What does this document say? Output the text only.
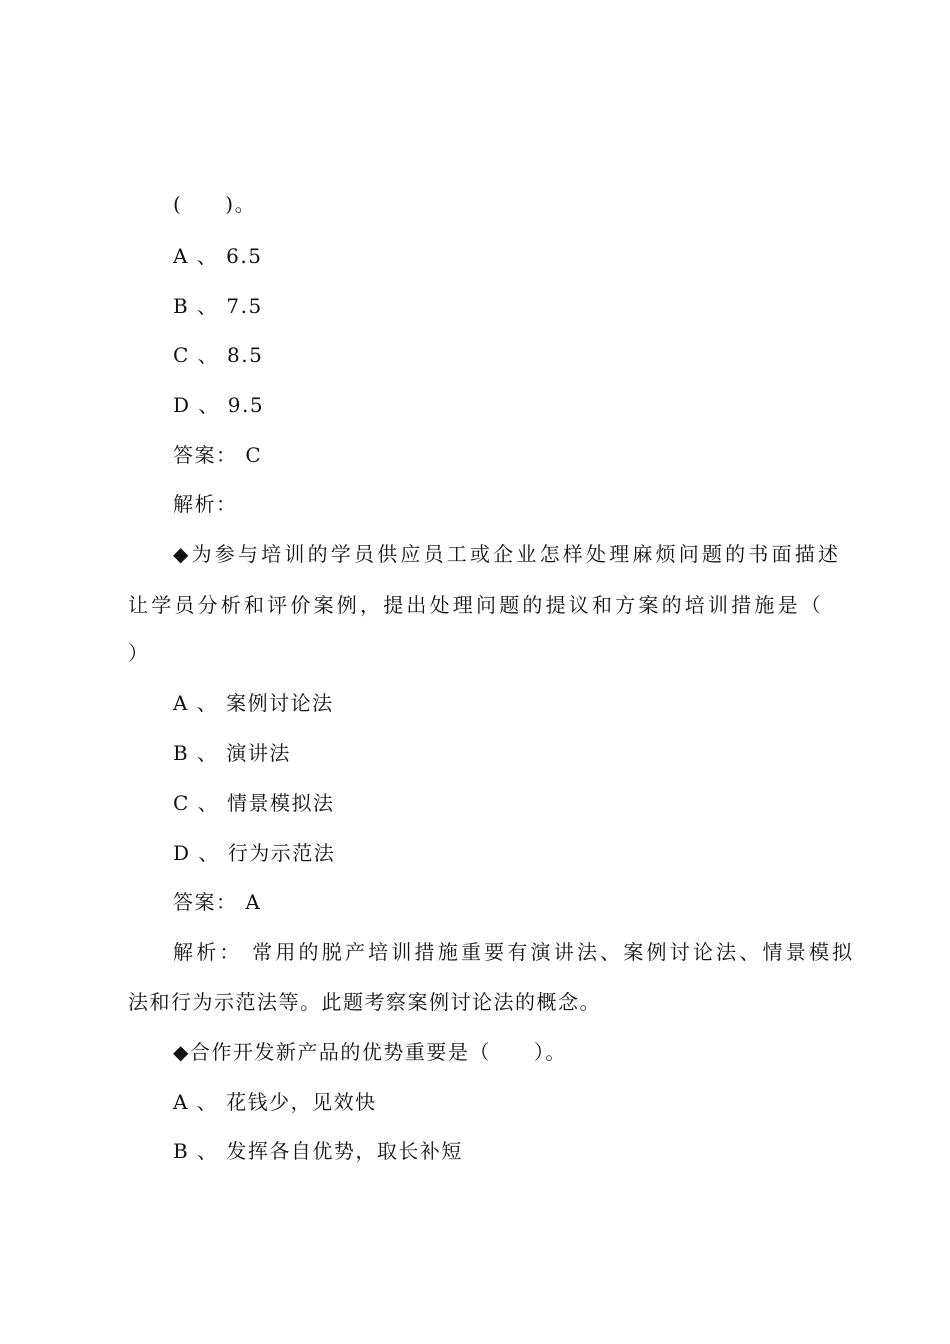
(　　)。
A 、 6.5
B 、 7.5
C 、 8.5
D 、 9.5
答案： C
解析：
◆为参与培训的学员供应员工或企业怎样处理麻烦问题的书面描述
让学员分析和评价案例，提出处理问题的提议和方案的培训措施是（
）
A 、 案例讨论法
B 、 演讲法
C 、 情景模拟法
D 、 行为示范法
答案： A
解析： 常用的脱产培训措施重要有演讲法、案例讨论法、情景模拟
法和行为示范法等。此题考察案例讨论法的概念。
◆合作开发新产品的优势重要是（　　）。
A 、 花钱少，见效快
B 、 发挥各自优势，取长补短
